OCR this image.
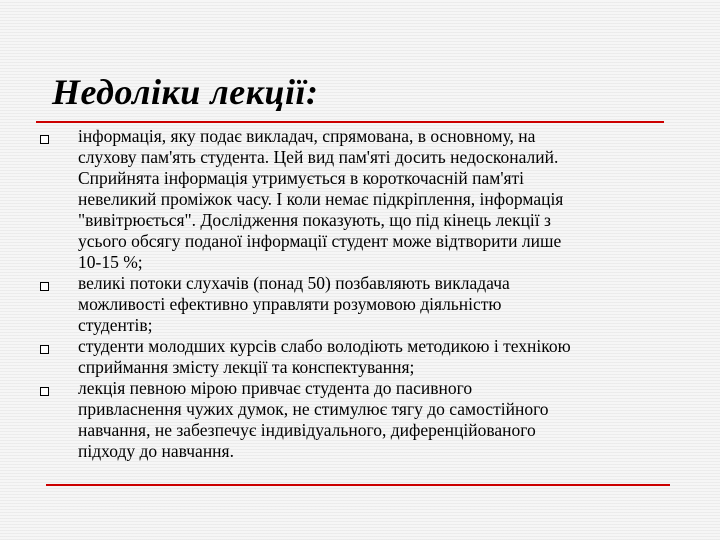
Недоліки лекції:
інформація, яку подає викладач, спрямована, в основному, на
слухову пам'ять студента. Цей вид пам'яті досить недосконалий.
Сприйнята інформація утримується в короткочасній пам'яті
невеликий проміжок часу. І коли немає підкріплення, інформація
"вивітрюється". Дослідження показують, що під кінець лекції з
усього обсягу поданої інформації студент може відтворити лише
10-15 %;
великі потоки слухачів (понад 50) позбавляють викладача
можливості ефективно управляти розумовою діяльністю
студентів;
студенти молодших курсів слабо володіють методикою і технікою
сприймання змісту лекції та конспектування;
лекція певною мірою привчає студента до пасивного
привласнення чужих думок, не стимулює тягу до самостійного
навчання, не забезпечує індивідуального, диференційованого
підходу до навчання.
